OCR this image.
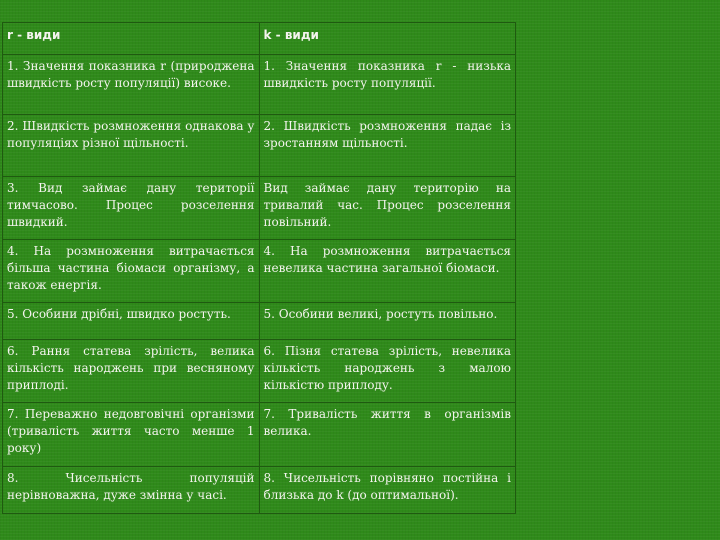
r - види	k - види
1. Значення показника r (природжена швидкість росту популяції) високе.	1. Значення показника r - низька швидкість росту популяції.
2. Швидкість розмноження однакова у популяціях різної щільності.	2. Швидкість розмноження падає із зростанням щільності.
3. Вид займає дану території тимчасово. Процес розселення швидкий.	Вид займає дану територію на тривалий час. Процес розселення повільний.
4. На розмноження витрачається більша частина біомаси організму, а також енергія.	4. На розмноження витрачається невелика частина загальної біомаси.
5. Особини дрібні, швидко ростуть.	5. Особини великі, ростуть повільно.
6. Рання статева зрілість, велика кількість народжень при весняному приплоді.	6. Пізня статева зрілість, невелика кількість народжень з малою кількістю приплоду.
7. Переважно недовговічні організми (тривалість життя часто менше 1 року)	7. Тривалість життя в організмів велика.
8. Чисельність популяцій нерівноважна, дуже змінна у часі.	8. Чисельність порівняно постійна і близька до k (до оптимальної).
